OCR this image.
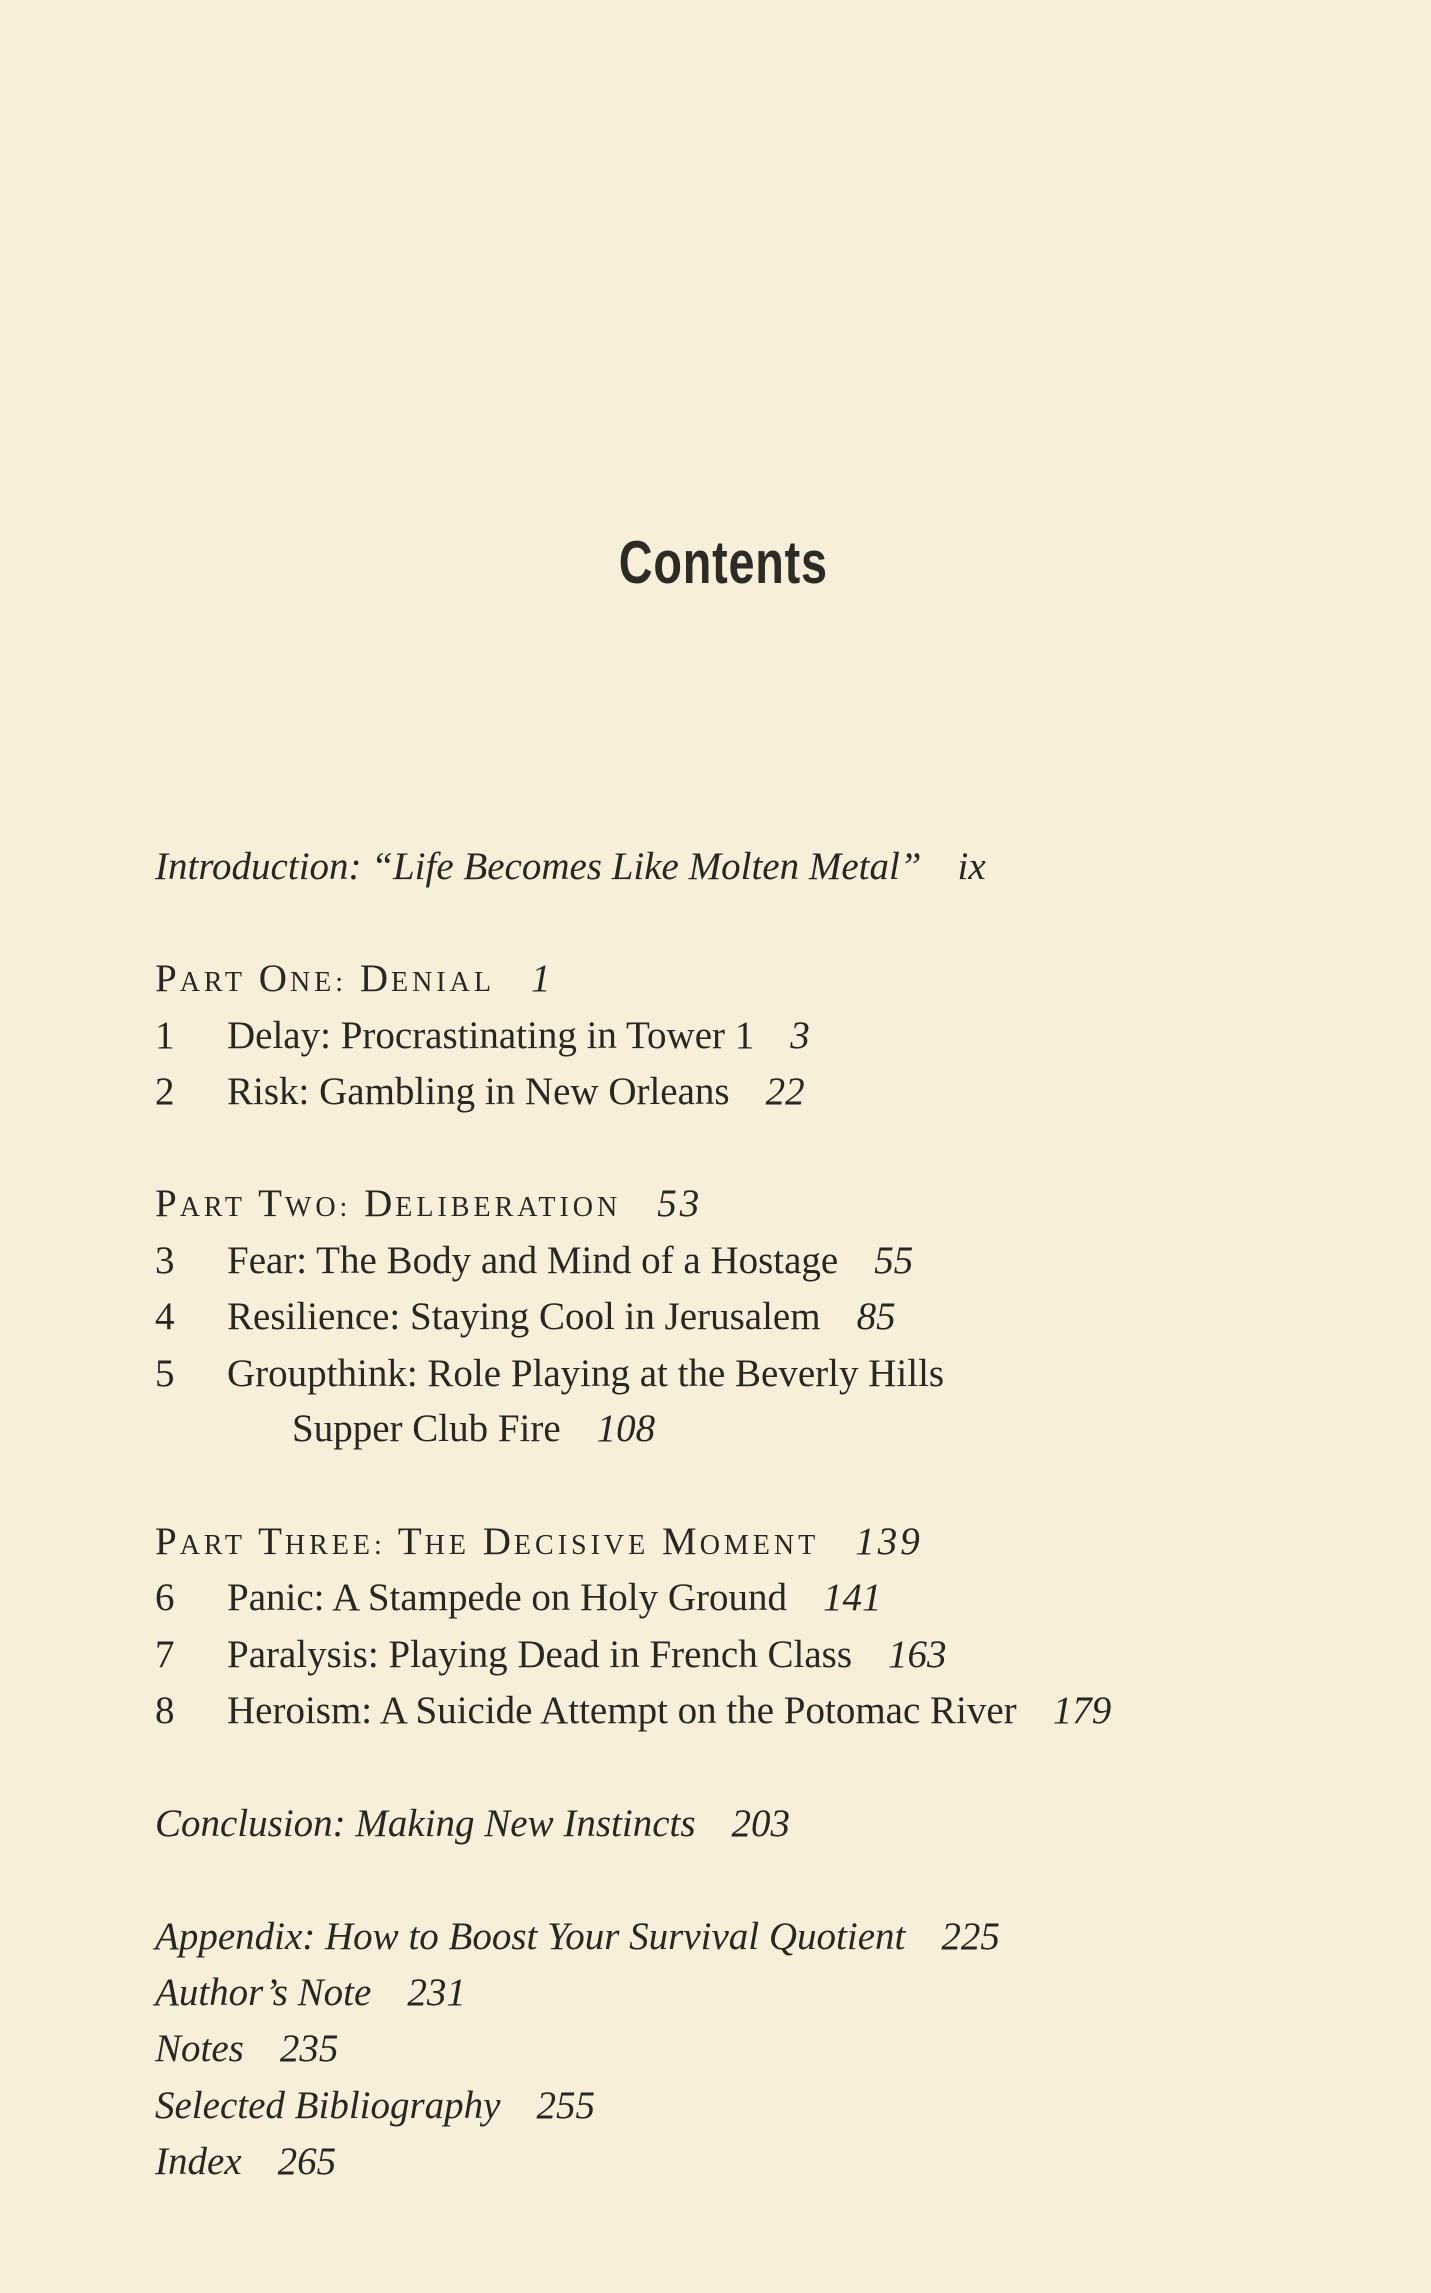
Contents
Introduction: “Life Becomes Like Molten Metal” ix
PART ONE: DENIAL 1
1 Delay: Procrastinating in Tower 1 3
2 Risk: Gambling in New Orleans 22
PART TWO: DELIBERATION 53
3 Fear: The Body and Mind of a Hostage 55
4 Resilience: Staying Cool in Jerusalem 85
5 Groupthink: Role Playing at the Beverly Hills
Supper Club Fire 108
PART THREE: THE DECISIVE MOMENT 139
6 Panic: A Stampede on Holy Ground 141
7 Paralysis: Playing Dead in French Class 163
8 Heroism: A Suicide Attempt on the Potomac River 179
Conclusion: Making New Instincts 203
Appendix: How to Boost Your Survival Quotient 225
Author’s Note 231
Notes 235
Selected Bibliography 255
Index 265
